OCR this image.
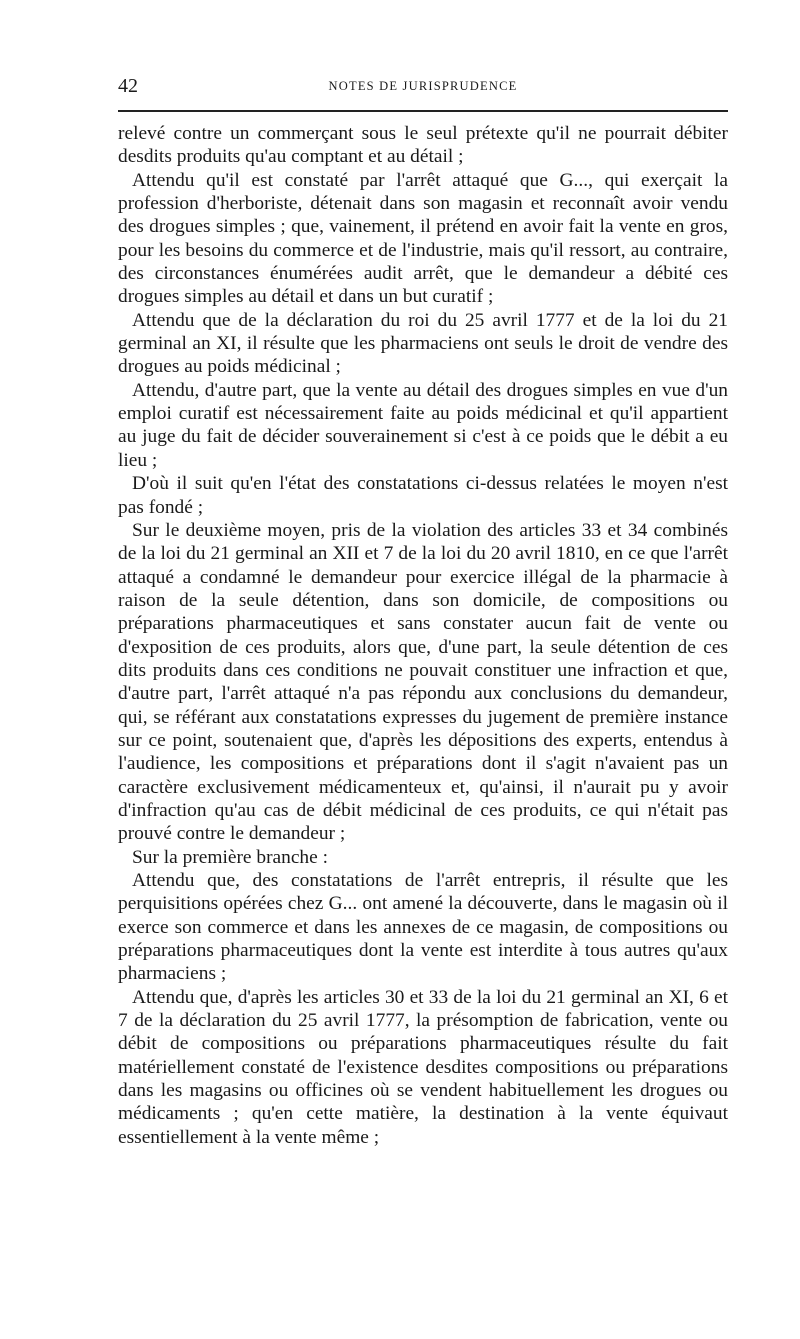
42	NOTES DE JURISPRUDENCE

relevé contre un commerçant sous le seul prétexte qu'il ne pourrait débiter desdits produits qu'au comptant et au détail ;

Attendu qu'il est constaté par l'arrêt attaqué que G..., qui exerçait la profession d'herboriste, détenait dans son magasin et reconnaît avoir vendu des drogues simples ; que, vainement, il prétend en avoir fait la vente en gros, pour les besoins du commerce et de l'industrie, mais qu'il ressort, au contraire, des circonstances énumérées audit arrêt, que le demandeur a débité ces drogues simples au détail et dans un but curatif ;

Attendu que de la déclaration du roi du 25 avril 1777 et de la loi du 21 germinal an XI, il résulte que les pharmaciens ont seuls le droit de vendre des drogues au poids médicinal ;

Attendu, d'autre part, que la vente au détail des drogues simples en vue d'un emploi curatif est nécessairement faite au poids médicinal et qu'il appartient au juge du fait de décider souverainement si c'est à ce poids que le débit a eu lieu ;

D'où il suit qu'en l'état des constatations ci-dessus relatées le moyen n'est pas fondé ;

Sur le deuxième moyen, pris de la violation des articles 33 et 34 combinés de la loi du 21 germinal an XII et 7 de la loi du 20 avril 1810, en ce que l'arrêt attaqué a condamné le demandeur pour exercice illégal de la pharmacie à raison de la seule détention, dans son domicile, de compositions ou préparations pharmaceutiques et sans constater aucun fait de vente ou d'exposition de ces produits, alors que, d'une part, la seule détention de ces dits produits dans ces conditions ne pouvait constituer une infraction et que, d'autre part, l'arrêt attaqué n'a pas répondu aux conclusions du demandeur, qui, se référant aux constatations expresses du jugement de première instance sur ce point, soutenaient que, d'après les dépositions des experts, entendus à l'audience, les compositions et préparations dont il s'agit n'avaient pas un caractère exclusivement médicamenteux et, qu'ainsi, il n'aurait pu y avoir d'infraction qu'au cas de débit médicinal de ces produits, ce qui n'était pas prouvé contre le demandeur ;

Sur la première branche :

Attendu que, des constatations de l'arrêt entrepris, il résulte que les perquisitions opérées chez G... ont amené la découverte, dans le magasin où il exerce son commerce et dans les annexes de ce magasin, de compositions ou préparations pharmaceutiques dont la vente est interdite à tous autres qu'aux pharmaciens ;

Attendu que, d'après les articles 30 et 33 de la loi du 21 germinal an XI, 6 et 7 de la déclaration du 25 avril 1777, la présomption de fabrication, vente ou débit de compositions ou préparations pharmaceutiques résulte du fait matériellement constaté de l'existence desdites compositions ou préparations dans les magasins ou officines où se vendent habituellement les drogues ou médicaments ; qu'en cette matière, la destination à la vente équivaut essentiellement à la vente même ;
